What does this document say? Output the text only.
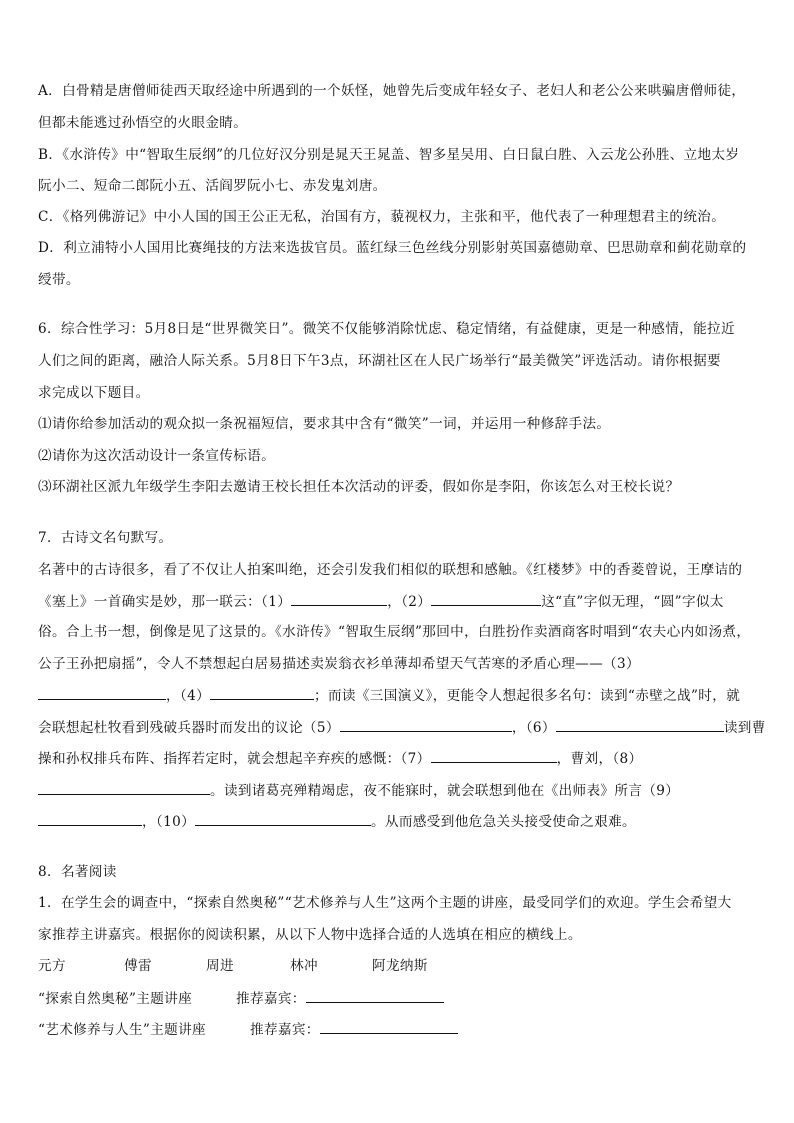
A．白骨精是唐僧师徒西天取经途中所遇到的一个妖怪，她曾先后变成年轻女子、老妇人和老公公来哄骗唐僧师徒，
但都未能逃过孙悟空的火眼金睛。
B．《水浒传》中“智取生辰纲”的几位好汉分别是晁天王晁盖、智多星吴用、白日鼠白胜、入云龙公孙胜、立地太岁
阮小二、短命二郎阮小五、活阎罗阮小七、赤发鬼刘唐。
C．《格列佛游记》中小人国的国王公正无私，治国有方，藐视权力，主张和平，他代表了一种理想君主的统治。
D．利立浦特小人国用比赛绳技的方法来选拔官员。蓝红绿三色丝线分别影射英国嘉德勋章、巴思勋章和蓟花勋章的
绶带。
6．综合性学习：5月8日是“世界微笑日”。微笑不仅能够消除忧虑、稳定情绪，有益健康，更是一种感情，能拉近
人们之间的距离，融洽人际关系。5月8日下午3点，环湖社区在人民广场举行“最美微笑”评选活动。请你根据要
求完成以下题目。
⑴请你给参加活动的观众拟一条祝福短信，要求其中含有“微笑”一词，并运用一种修辞手法。
⑵请你为这次活动设计一条宣传标语。
⑶环湖社区派九年级学生李阳去邀请王校长担任本次活动的评委，假如你是李阳，你该怎么对王校长说？
7．古诗文名句默写。
名著中的古诗很多，看了不仅让人拍案叫绝，还会引发我们相似的联想和感触。《红楼梦》中的香菱曾说，王摩诘的
《塞上》一首确实是妙，那一联云：（1）	，（2）	这“直”字似无理，“圆”字似太
俗。合上书一想，倒像是见了这景的。《水浒传》“智取生辰纲”那回中，白胜扮作卖酒商客时唱到“农夫心内如汤煮，
公子王孙把扇摇”，令人不禁想起白居易描述卖炭翁衣衫单薄却希望天气苦寒的矛盾心理——（3）
，（4）	；而读《三国演义》，更能令人想起很多名句：读到“赤壁之战”时，就
会联想起杜牧看到残破兵器时而发出的议论（5）	，（6）	读到曹
操和孙权排兵布阵、指挥若定时，就会想起辛弃疾的感慨：（7）	，曹刘，（8）
。读到诸葛亮殚精竭虑，夜不能寐时，就会联想到他在《出师表》所言（9）
，（10）	。从而感受到他危急关头接受使命之艰难。
8．名著阅读
1．在学生会的调查中，“探索自然奥秘”“艺术修养与人生”这两个主题的讲座，最受同学们的欢迎。学生会希望大
家推荐主讲嘉宾。根据你的阅读积累，从以下人物中选择合适的人选填在相应的横线上。
元方	傅雷	周进	林冲	阿龙纳斯
“探索自然奥秘”主题讲座	推荐嘉宾：
“艺术修养与人生”主题讲座	推荐嘉宾：
